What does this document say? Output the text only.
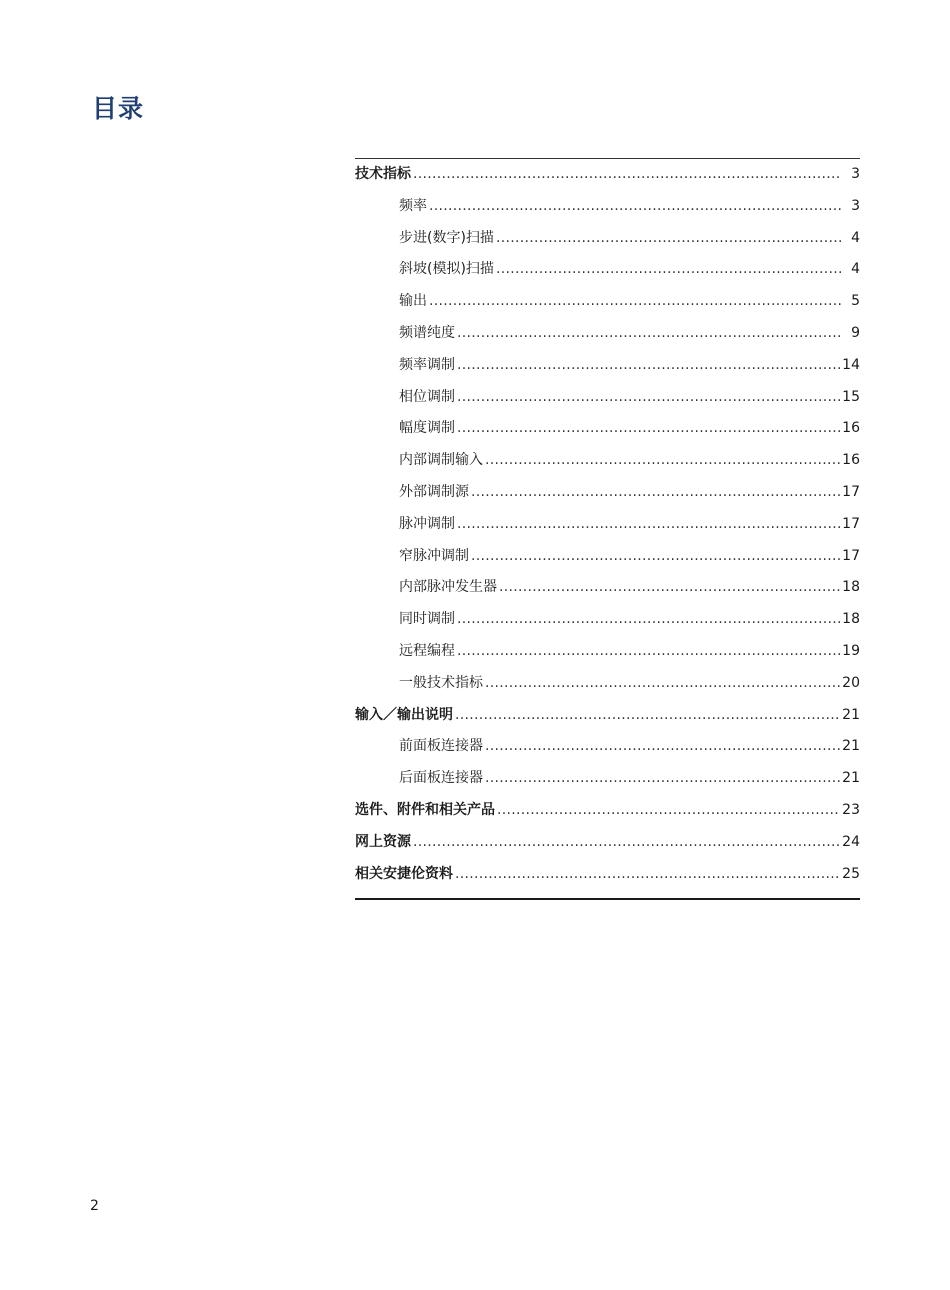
目录
技术指标 .....	3
频率 .....	3
步进(数字)扫描 .....	4
斜坡(模拟)扫描 .....	4
输出 .....	5
频谱纯度 .....	9
频率调制 .....	14
相位调制 .....	15
幅度调制 .....	16
内部调制输入 .....	16
外部调制源 .....	17
脉冲调制 .....	17
窄脉冲调制 .....	17
内部脉冲发生器 .....	18
同时调制 .....	18
远程编程 .....	19
一般技术指标 .....	20
输入／输出说明 .....	21
前面板连接器 .....	21
后面板连接器 .....	21
选件、附件和相关产品 .....	23
网上资源 .....	24
相关安捷伦资料 .....	25
2
